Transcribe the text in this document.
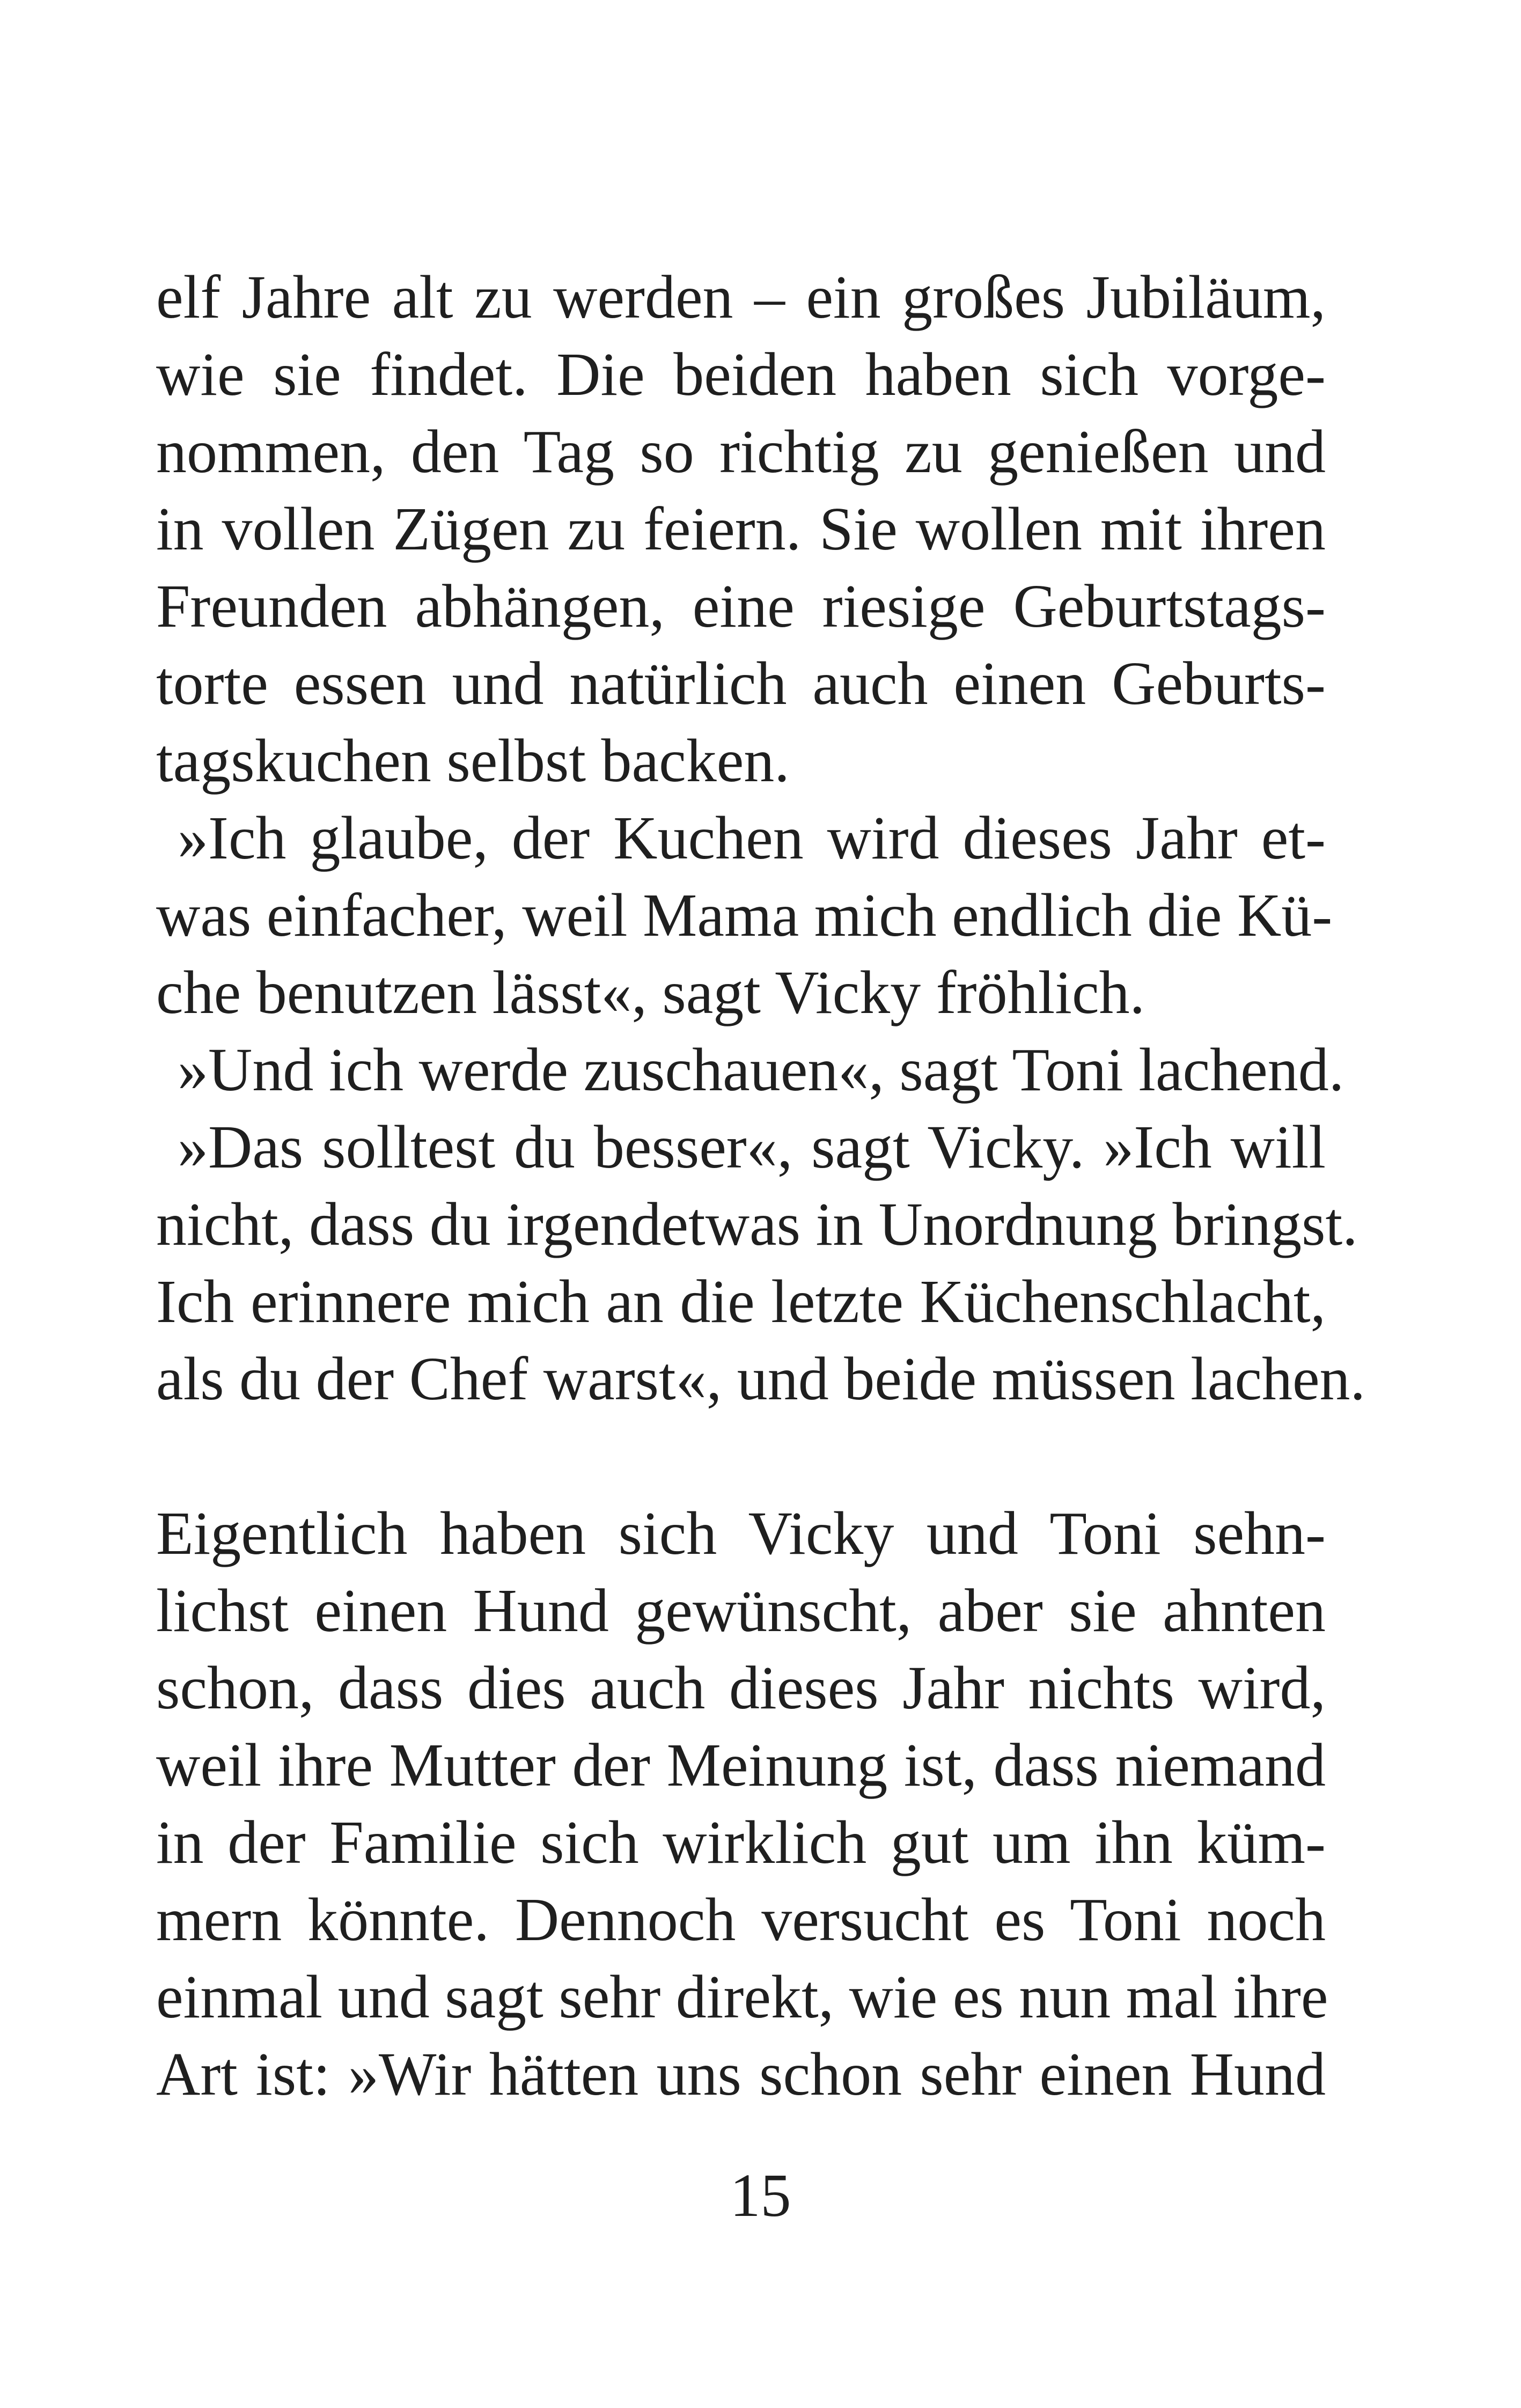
elf Jahre alt zu werden – ein großes Jubiläum,
wie sie findet. Die beiden haben sich vorge-
nommen, den Tag so richtig zu genießen und
in vollen Zügen zu feiern. Sie wollen mit ihren
Freunden abhängen, eine riesige Geburtstags-
torte essen und natürlich auch einen Geburts-
tagskuchen selbst backen.
»Ich glaube, der Kuchen wird dieses Jahr et-
was einfacher, weil Mama mich endlich die Kü-
che benutzen lässt«, sagt Vicky fröhlich.
»Und ich werde zuschauen«, sagt Toni lachend.
»Das solltest du besser«, sagt Vicky. »Ich will
nicht, dass du irgendetwas in Unordnung bringst.
Ich erinnere mich an die letzte Küchenschlacht,
als du der Chef warst«, und beide müssen lachen.
Eigentlich haben sich Vicky und Toni sehn-
lichst einen Hund gewünscht, aber sie ahnten
schon, dass dies auch dieses Jahr nichts wird,
weil ihre Mutter der Meinung ist, dass niemand
in der Familie sich wirklich gut um ihn küm-
mern könnte. Dennoch versucht es Toni noch
einmal und sagt sehr direkt, wie es nun mal ihre
Art ist: »Wir hätten uns schon sehr einen Hund
15
